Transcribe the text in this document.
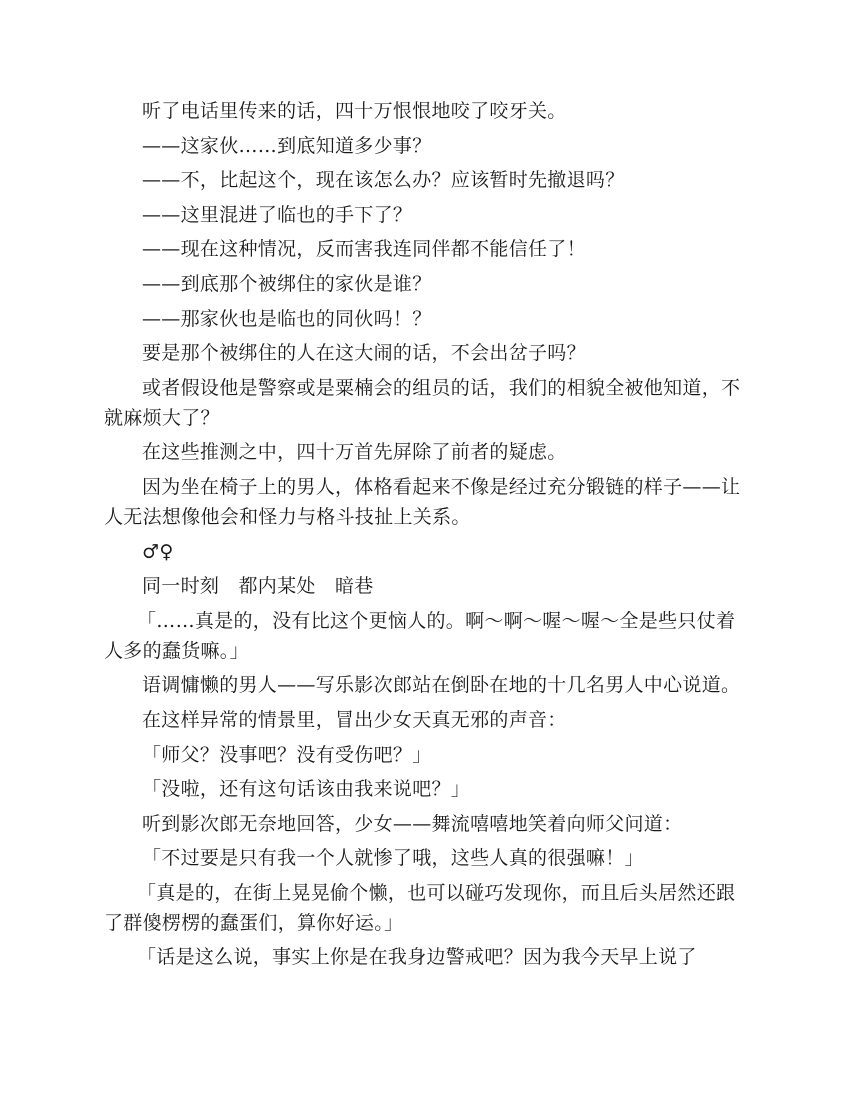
听了电话里传来的话，四十万恨恨地咬了咬牙关。

——这家伙……到底知道多少事？

——不，比起这个，现在该怎么办？应该暂时先撤退吗？

——这里混进了临也的手下了？

——现在这种情况，反而害我连同伴都不能信任了！

——到底那个被绑住的家伙是谁？

——那家伙也是临也的同伙吗！？

要是那个被绑住的人在这大闹的话，不会出岔子吗？

或者假设他是警察或是粟楠会的组员的话，我们的相貌全被他知道，不就麻烦大了？

在这些推测之中，四十万首先屏除了前者的疑虑。

因为坐在椅子上的男人，体格看起来不像是经过充分锻链的样子——让人无法想像他会和怪力与格斗技扯上关系。

♂♀

同一时刻　都内某处　暗巷

「……真是的，没有比这个更恼人的。啊～啊～喔～喔～全是些只仗着人多的蠢货嘛。」

语调慵懒的男人——写乐影次郎站在倒卧在地的十几名男人中心说道。

在这样异常的情景里，冒出少女天真无邪的声音：

「师父？没事吧？没有受伤吧？」

「没啦，还有这句话该由我来说吧？」

听到影次郎无奈地回答，少女——舞流嘻嘻地笑着向师父问道：

「不过要是只有我一个人就惨了哦，这些人真的很强嘛！」

「真是的，在街上晃晃偷个懒，也可以碰巧发现你，而且后头居然还跟了群傻楞楞的蠢蛋们，算你好运。」

「话是这么说，事实上你是在我身边警戒吧？因为我今天早上说了
